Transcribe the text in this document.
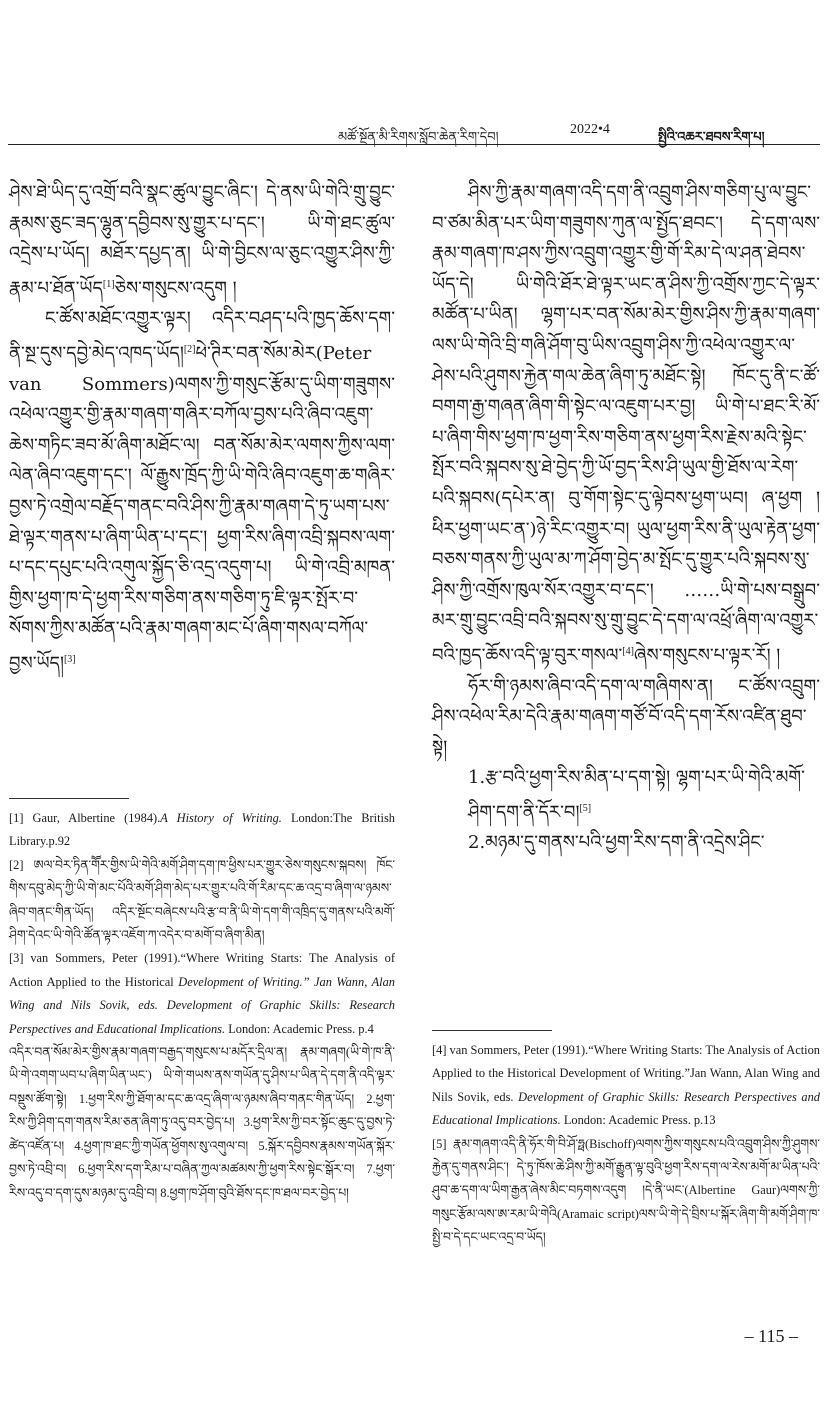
མཚོ་སྔོན་མི་རིགས་སློབ་ཆེན་རིག་དེབ།
2022•4
སྤྱིའི་འཆར་ཐབས་རིག་པ།

ཤེས་ཐེ་ཡིད་དུ་འགྲོ་བའི་སྣང་ཚུལ་བྱུང་ཞིང་། དེ་ནས་ཡི་གེའི་གྲུ་བྱུང་རྣམས་ཅུང་ཟད་ལྷུན་དབྱིབས་སུ་གྱུར་པ་དང་། ཡི་གེ་ཐང་ཚུལ་འདྲེས་པ་ཡོད། མཐོར་དཔྱད་ན། ཡི་གེ་བྱིངས་ལ་ཅུང་འགྱུར་ཤིས་ཀྱི་རྣམ་པ་ཐོན་ཡོད[1]ཅེས་གསུངས་འདུག །

ང་ཚོས་མཐོང་འགྱུར་ལྟར། འདིར་བཤད་པའི་ཁྱད་ཆོས་དག་ནི་སྔ་དུས་དབྱེ་མེད་འཁད་ཡོད།[2]ཕེ་ཊིར་བན་སོམ་མེར(Peter van Sommers)ལགས་ཀྱི་གསུང་རྩོམ་དུ་ཡིག་གཟུགས་འཕེལ་འགྱུར་གྱི་རྣམ་གཞག་གཞིར་བཀོལ་བྱས་པའི་ཞིབ་འཇུག་ཆེས་གཏིང་ཟབ་མོ་ཞིག་མཐོང་ལ། བན་སོམ་མེར་ལགས་ཀྱིས་ལག་ལེན་ཞིབ་འཇུག་དང་། ལོ་རྒྱུས་ཁྲོད་ཀྱི་ཡི་གེའི་ཞིབ་འཇུག་ཆ་གཞིར་བྱས་ཏེ་འགྲེལ་བརྗོད་གནང་བའི་ཤིས་ཀྱི་རྣམ་གཞག་དེ་ཏུ་ཡག་པས་ཐེ་ལྟར་གནས་པ་ཞིག་ཡིན་པ་དང་། ཕྱག་རིས་ཞིག་འབྲི་སྐབས་ལག་པ་དང་དཔུང་པའི་འགུལ་སྐྱོད་ཅི་འདྲ་འདུག་པ། ཡི་གེ་འབྲི་མཁན་གྱིས་ཕྱག་ཁ་དེ་ཕྱག་རིས་གཅིག་ནས་གཅིག་ཏུ་ཇི་ལྟར་སྤོར་བ་སོགས་ཀྱིས་མཚོན་པའི་རྣམ་གཞག་མང་པོ་ཞིག་གསལ་བཀོལ་བྱས་ཡོད།[3]

[1] Gaur, Albertine (1984).A History of Writing. London:The British Library.p.92

[2] ཨལ་བེར་ཏིན་གཽར་གྱིས་ཡི་གེའི་མགོ་ཤིག་དག་ཁ་ཕྱིས་པར་གྱུར་ཅེས་གསུངས་སྐབས། ཁོང་གིས་དབུ་མེད་ཀྱི་ཡི་གེ་མང་པོའི་མགོ་ཤིག་མེད་པར་གྱུར་པའི་གོ་རིམ་དང་ཆ་འདྲ་བ་ཞིག་ལ་ཉམས་ཞིབ་གནང་གིན་ཡོད། འདིར་སྔོང་བཞེངས་པའི་རྩ་བ་ནི་ཡི་གེ་དག་གི་འཁྲིད་དུ་གནས་པའི་མགོ་ཤིག་དེའང་ཡི་གེའི་ཚོན་ལྟར་འཇོག་ཀ་འདེར་བ་མགོ་བ་ཞིག་མིན།

[3] van Sommers, Peter (1991).“Where Writing Starts: The Analysis of Action Applied to the Historical Development of Writing.” Jan Wann, Alan Wing and Nils Sovik, eds. Development of Graphic Skills: Research Perspectives and Educational Implications. London: Academic Press. p.4

འདིར་བན་སོམ་མེར་གྱིས་རྣམ་གཞག་བརྒྱད་གསུངས་པ་མདོར་དྲིལ་ན། རྣམ་གཞག(ཡི་གེ་ཁ་ནི་ཡི་གེ་འགག་ཡབ་པ་ཞིག་ཡིན་ཡང་) ཡི་གེ་གཡས་ནས་གཡོན་དུ་ཤིས་པ་ཡིན་དེ་དག་ནི་འདི་ལྟར་བསྡུས་ཚོག་སྟེ། 1.ཕྱག་རིས་ཀྱི་ཐོག་མ་དང་ཆ་འདྲ་ཞིག་ལ་ཉམས་ཞིབ་གནང་གིན་ཡོད། 2.ཕྱག་རིས་ཀྱི་ཤིག་དག་གནས་རིམ་ཅན་ཞིག་ཏུ་འདུ་བར་བྱེད་པ། 3.ཕྱག་རིས་ཀྱི་བར་སྟོང་ཆུང་དུ་བྱས་ཏེ་ཚེད་འཛོན་པ། 4.ཕྱག་ཁ་ཐང་ཀྱི་གཡོན་ཕྱོགས་སུ་འགུལ་བ། 5.སྐོར་དབྱིབས་རྣམས་གཡོན་སྐོར་བྱས་ཏེ་འབྲི་བ། 6.ཕྱག་རིས་དག་རིམ་པ་བཞིན་ཀྱལ་མཚམས་ཀྱི་ཕྱག་རིས་སྟེང་སྒོར་བ། 7.ཕྱག་རིས་འདུ་བ་དག་དུས་མཉམ་དུ་འབྲི་བ། 8.ཕྱག་ཁ་ཤོག་བུའི་ཐོས་དང་ཁ་ཐལ་བར་བྱེད་པ།

ཤིས་ཀྱི་རྣམ་གཞག་འདི་དག་ནི་འབྲུག་ཤིས་གཅིག་པུ་ལ་བྱུང་བ་ཙམ་མིན་པར་ཡིག་གཟུགས་ཀུན་ལ་སྤྱོད་ཐབང་། དེ་དག་ལས་རྣམ་གཞག་ཁ་ཤས་ཀྱིས་འབྲུག་འགྱུར་གྱི་གོ་རིམ་དེ་ལ་ཤན་ཐེབས་ཡོད་དེ། ཡི་གེའི་ཐོར་ཐེ་ལྟར་ཡང་ན་ཤིས་ཀྱི་འགྲོས་ཀྱང་དེ་ལྟར་མཚོན་པ་ཡིན། ལྷག་པར་བན་སོམ་མེར་གྱིས་ཤིས་ཀྱི་རྣམ་གཞག་ལས་ཡི་གེའི་བྲི་གཞི་ཤོག་བུ་ཡིས་འབྲུག་ཤིས་ཀྱི་འཕེལ་འགྱུར་ལ་ཤེས་པའི་ཤུགས་རྐྱེན་གལ་ཆེན་ཞིག་ཏུ་མཐོང་སྟེ། ཁོང་དུ་ནི་ང་ཚོ་བགག་རྒྱ་གཞན་ཞིག་གི་སྟེང་ལ་འཇུག་པར་བྱ། ཡི་གེ་པ་ཐང་རི་མོ་པ་ཞིག་གིས་ཕྱག་ཁ་ཕྱག་རིས་གཅིག་ནས་ཕྱག་རིས་རྗེས་མའི་སྟེང་སྤོར་བའི་སྐབས་སུ་ཐེ་བྱེད་ཀྱི་ཡོ་བྱད་རིས་ཤི་ཡུལ་གྱི་ཐོས་ལ་རེག་པའི་སྐབས(དཔེར་ན། བུ་གོག་སྟེང་དུ་ལྟེབས་ཕྱག་ཡབ། ཞ་ཕྱག །ཕིར་ཕྱག་ཡང་ན་)ཉེ་རིང་འགྱུར་བ། ཡུལ་ཕྱག་རིས་ནི་ཡུལ་རྟེན་ཕྱག་བཅས་གནས་ཀྱི་ཡུལ་མ་ཀ་ཤོག་བྱེད་མ་སྤོང་དུ་གྱུར་པའི་སྐབས་སུ་ཤིས་ཀྱི་འགྲོས་ཁུལ་སོར་འགྱུར་བ་དང་། ……ཡི་གེ་པས་བསྒྲུབ་མར་གྲུ་བྱུང་འབྲི་བའི་སྐབས་སུ་གྲུ་བྱུང་དེ་དག་ལ་འཕྲོ་ཞིག་ལ་འགྱུར་བའི་ཁྱད་ཆོས་འདི་ལྟ་བུར་གསལ་[4]ཞེས་གསུངས་པ་ལྟར་རོ། །

ཧོར་གི་ཉམས་ཞིབ་འདི་དག་ལ་གཞིགས་ན། ང་ཚོས་འབྲུག་ཤིས་འཕེལ་རིམ་དེའི་རྣམ་གཞག་གཙོ་བོ་འདི་དག་རོས་འཛིན་ཐུབ་སྟེ།

1.རྩ་བའི་ཕྱག་རིས་མིན་པ་དག་སྟེ། ལྷག་པར་ཡི་གེའི་མགོ་ཤིག་དག་ནི་དོར་བ།[5]

2.མཉམ་དུ་གནས་པའི་ཕྱག་རིས་དག་ནི་འདྲེས་ཤིང་

[4] van Sommers, Peter (1991).“Where Writing Starts: The Analysis of Action Applied to the Historical Development of Writing.”Jan Wann, Alan Wing and Nils Sovik, eds. Development of Graphic Skills: Research Perspectives and Educational Implications. London: Academic Press. p.13

[5] རྣམ་གཞག་འདི་ནི་ཧོར་གི་བི་ཤོ་ཧྥ(Bischoff)ལགས་ཀྱིས་གསུངས་པའི་འབྲུག་ཤིས་ཀྱི་ཤུགས་རྐྱེན་དུ་གནས་ཤིང་། དེ་ཏུ་ཁོས་ཆེ་ཤིས་ཀྱི་མགོ་རྒྱུན་ལྟ་བུའི་ཕྱག་རིས་དག་ལ་རེས་མགོ་མ་ཡིན་པའི་ཤུབ་ཆ་དག་ལ་ཡིག་རྒྱན་ཞེས་མིང་བཏགས་འདུག །དེ་ནི་ཡང་(Albertine Gaur)ལགས་ཀྱི་གསུང་རྩོམ་ལས་ཨ་རམ་ཡི་གེའི(Aramaic script)ལས་ཡི་གེ་དེ་བྲིས་པ་སྐོར་ཞིག་གི་མགོ་ཤིག་ཁ་སྤྱི་བ་དེ་དང་ཡང་འདྲ་བ་ཡོད།

– 115 –
